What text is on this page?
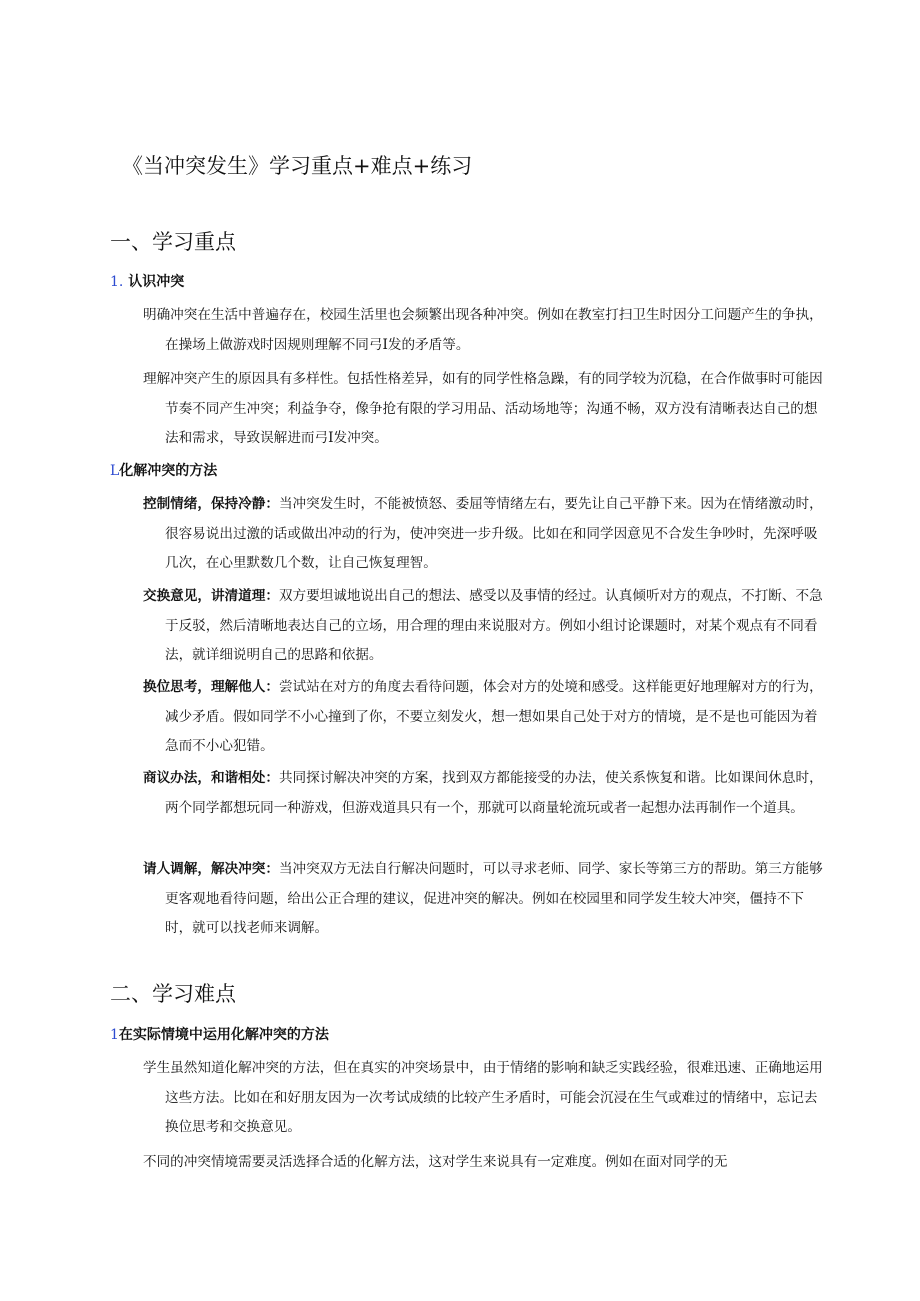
《当冲突发生》学习重点+难点+练习
一、学习重点
1. 认识冲突

明确冲突在生活中普遍存在，校园生活里也会频繁出现各种冲突。例如在教室打扫卫生时因分工问题产生的争执，在操场上做游戏时因规则理解不同弓I发的矛盾等。

理解冲突产生的原因具有多样性。包括性格差异，如有的同学性格急躁，有的同学较为沉稳，在合作做事时可能因节奏不同产生冲突；利益争夺，像争抢有限的学习用品、活动场地等；沟通不畅，双方没有清晰表达自己的想法和需求，导致误解进而弓I发冲突。

L化解冲突的方法

控制情绪，保持冷静：当冲突发生时，不能被愤怒、委屈等情绪左右，要先让自己平静下来。因为在情绪激动时，很容易说出过激的话或做出冲动的行为，使冲突进一步升级。比如在和同学因意见不合发生争吵时，先深呼吸几次，在心里默数几个数，让自己恢复理智。

交换意见，讲清道理：双方要坦诚地说出自己的想法、感受以及事情的经过。认真倾听对方的观点，不打断、不急于反驳，然后清晰地表达自己的立场，用合理的理由来说服对方。例如小组讨论课题时，对某个观点有不同看法，就详细说明自己的思路和依据。

换位思考，理解他人：尝试站在对方的角度去看待问题，体会对方的处境和感受。这样能更好地理解对方的行为，减少矛盾。假如同学不小心撞到了你，不要立刻发火，想一想如果自己处于对方的情境，是不是也可能因为着急而不小心犯错。

商议办法，和谐相处：共同探讨解决冲突的方案，找到双方都能接受的办法，使关系恢复和谐。比如课间休息时，两个同学都想玩同一种游戏，但游戏道具只有一个，那就可以商量轮流玩或者一起想办法再制作一个道具。

请人调解，解决冲突：当冲突双方无法自行解决问题时，可以寻求老师、同学、家长等第三方的帮助。第三方能够更客观地看待问题，给出公正合理的建议，促进冲突的解决。例如在校园里和同学发生较大冲突，僵持不下时，就可以找老师来调解。

二、学习难点
1在实际情境中运用化解冲突的方法

学生虽然知道化解冲突的方法，但在真实的冲突场景中，由于情绪的影响和缺乏实践经验，很难迅速、正确地运用这些方法。比如在和好朋友因为一次考试成绩的比较产生矛盾时，可能会沉浸在生气或难过的情绪中，忘记去换位思考和交换意见。

不同的冲突情境需要灵活选择合适的化解方法，这对学生来说具有一定难度。例如在面对同学的无
